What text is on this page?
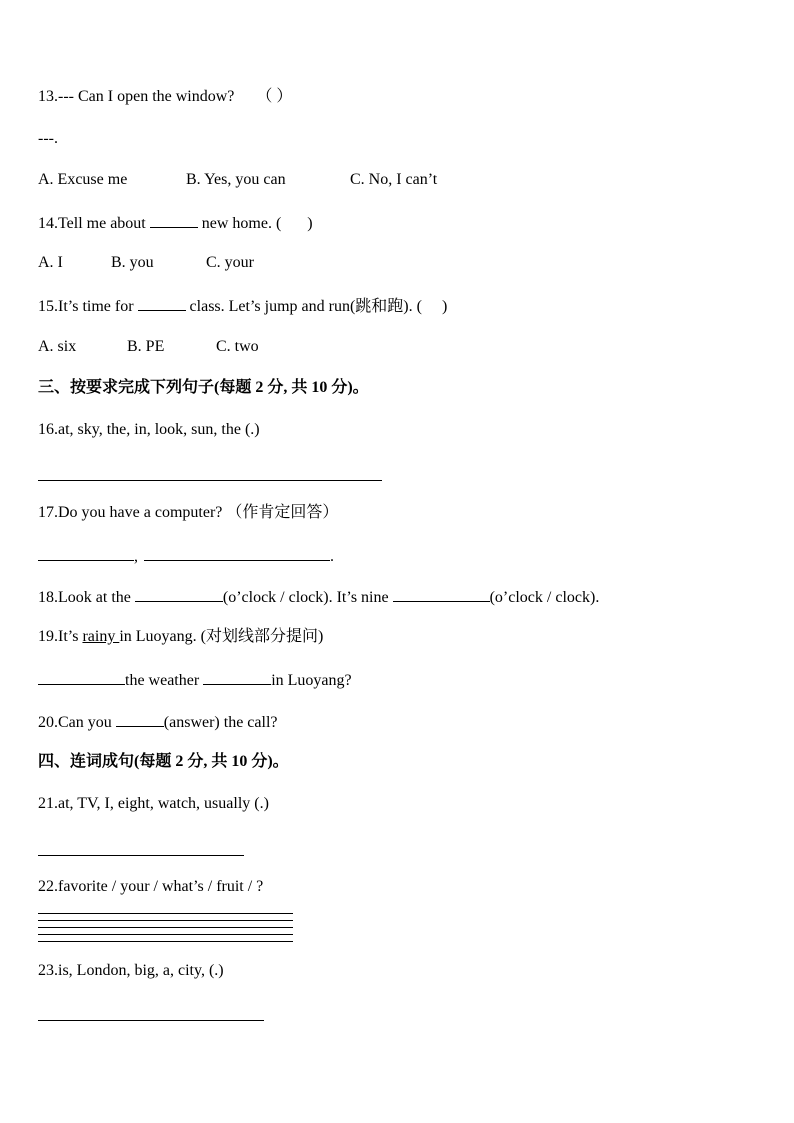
13.--- Can I open the window? （ ）
---.
A. Excuse me	B. Yes, you can	C. No, I can’t
14.Tell me about	new home. ( )
A. I	B. you	C. your
15.It’s time for	class. Let’s jump and run(跳和跑). ( )
A. six	B. PE	C. two
三、按要求完成下列句子(每题 2 分, 共 10 分)。
16.at, sky, the, in, look, sun, the (.)
17.Do you have a computer? （作肯定回答）
,	.
18.Look at the	(o’clock / clock). It’s nine	(o’clock / clock).
19.It’s rainy in Luoyang. (对划线部分提问)
the weather	in Luoyang?
20.Can you	(answer) the call?
四、连词成句(每题 2 分, 共 10 分)。
21.at, TV, I, eight, watch, usually (.)
22.favorite / your / what’s / fruit / ?
23.is, London, big, a, city, (.)
